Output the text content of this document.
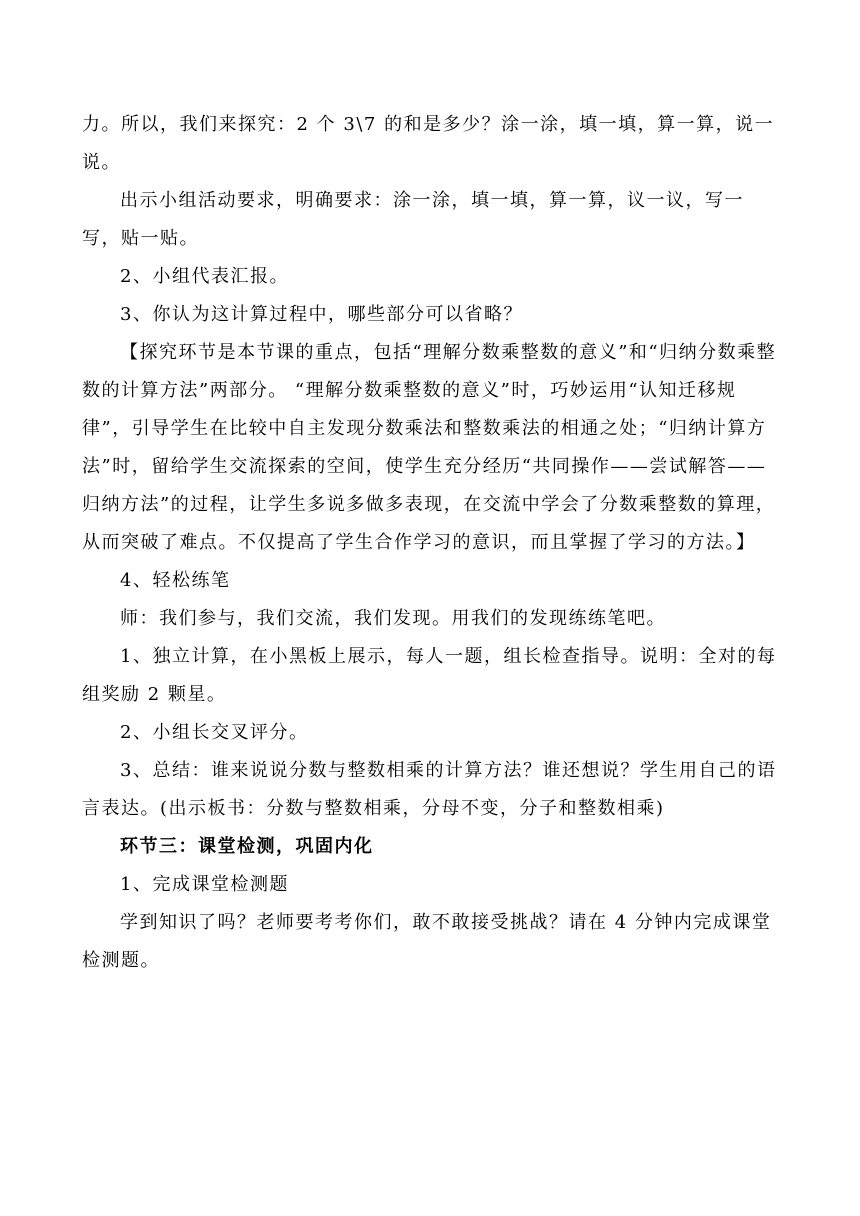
力。所以，我们来探究：2 个 3\7 的和是多少？涂一涂，填一填，算一算，说一说。

出示小组活动要求，明确要求：涂一涂，填一填，算一算，议一议，写一写，贴一贴。

2、小组代表汇报。

3、你认为这计算过程中，哪些部分可以省略？

【探究环节是本节课的重点，包括“理解分数乘整数的意义”和“归纳分数乘整数的计算方法”两部分。 “理解分数乘整数的意义”时，巧妙运用“认知迁移规律”，引导学生在比较中自主发现分数乘法和整数乘法的相通之处；“归纳计算方法”时，留给学生交流探索的空间，使学生充分经历“共同操作——尝试解答——归纳方法”的过程，让学生多说多做多表现，在交流中学会了分数乘整数的算理，从而突破了难点。不仅提高了学生合作学习的意识，而且掌握了学习的方法。】

4、轻松练笔

师：我们参与，我们交流，我们发现。用我们的发现练练笔吧。

1、独立计算，在小黑板上展示，每人一题，组长检查指导。说明：全对的每组奖励 2 颗星。

2、小组长交叉评分。

3、总结：谁来说说分数与整数相乘的计算方法？谁还想说？学生用自己的语言表达。(出示板书：分数与整数相乘，分母不变，分子和整数相乘)

环节三：课堂检测，巩固内化

1、完成课堂检测题

学到知识了吗？老师要考考你们，敢不敢接受挑战？请在 4 分钟内完成课堂检测题。
